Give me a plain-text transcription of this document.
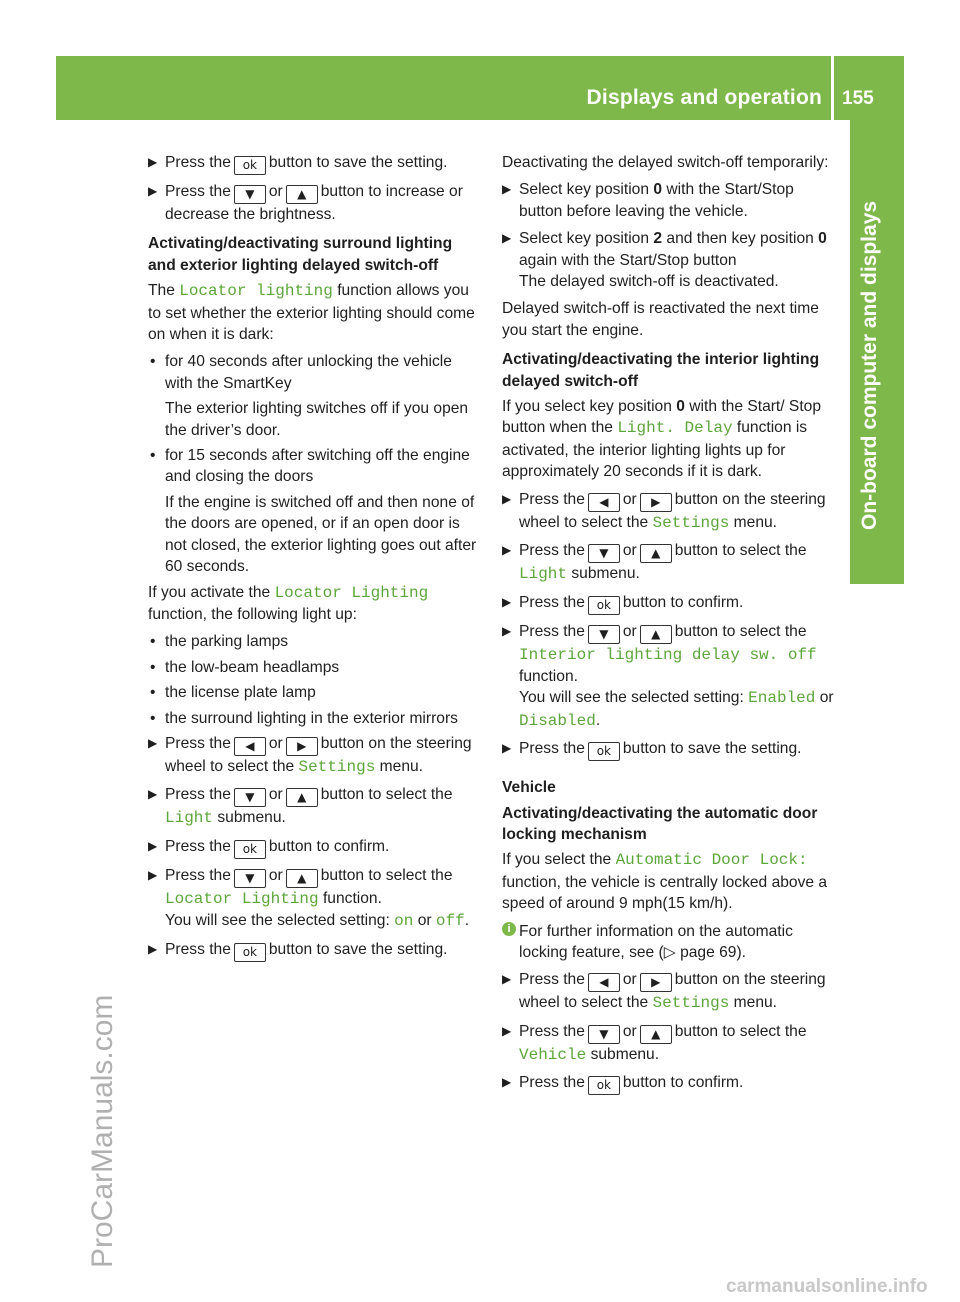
Displays and operation 155
On-board computer and displays
ProCarManuals.com
carmanualsonline.info
▶ Press the ok button to save the setting.
▶ Press the ▼ or ▲ button to increase or decrease the brightness.
Activating/deactivating surround lighting and exterior lighting delayed switch-off

The Locator lighting function allows you to set whether the exterior lighting should come on when it is dark:

• for 40 seconds after unlocking the vehicle with the SmartKey
The exterior lighting switches off if you open the driver’s door.
• for 15 seconds after switching off the engine and closing the doors
If the engine is switched off and then none of the doors are opened, or if an open door is not closed, the exterior lighting goes out after 60 seconds.

If you activate the Locator Lighting function, the following light up:

• the parking lamps
• the low-beam headlamps
• the license plate lamp
• the surround lighting in the exterior mirrors
▶ Press the ◀ or ▶ button on the steering wheel to select the Settings menu.
▶ Press the ▼ or ▲ button to select the Light submenu.
▶ Press the ok button to confirm.
▶ Press the ▼ or ▲ button to select the Locator Lighting function.
You will see the selected setting: on or off.
▶ Press the ok button to save the setting.

Deactivating the delayed switch-off temporarily:

▶ Select key position 0 with the Start/Stop button before leaving the vehicle.
▶ Select key position 2 and then key position 0 again with the Start/Stop button
The delayed switch-off is deactivated.

Delayed switch-off is reactivated the next time you start the engine.

Activating/deactivating the interior lighting delayed switch-off

If you select key position 0 with the Start/ Stop button when the Light. Delay function is activated, the interior lighting lights up for approximately 20 seconds if it is dark.

▶ Press the ◀ or ▶ button on the steering wheel to select the Settings menu.
▶ Press the ▼ or ▲ button to select the Light submenu.
▶ Press the ok button to confirm.
▶ Press the ▼ or ▲ button to select the Interior lighting delay sw. off function.
You will see the selected setting: Enabled or Disabled.
▶ Press the ok button to save the setting.
Vehicle
Activating/deactivating the automatic door locking mechanism

If you select the Automatic Door Lock: function, the vehicle is centrally locked above a speed of around 9 mph(15 km/h).

i For further information on the automatic locking feature, see (▷ page 69).
▶ Press the ◀ or ▶ button on the steering wheel to select the Settings menu.
▶ Press the ▼ or ▲ button to select the Vehicle submenu.
▶ Press the ok button to confirm.
